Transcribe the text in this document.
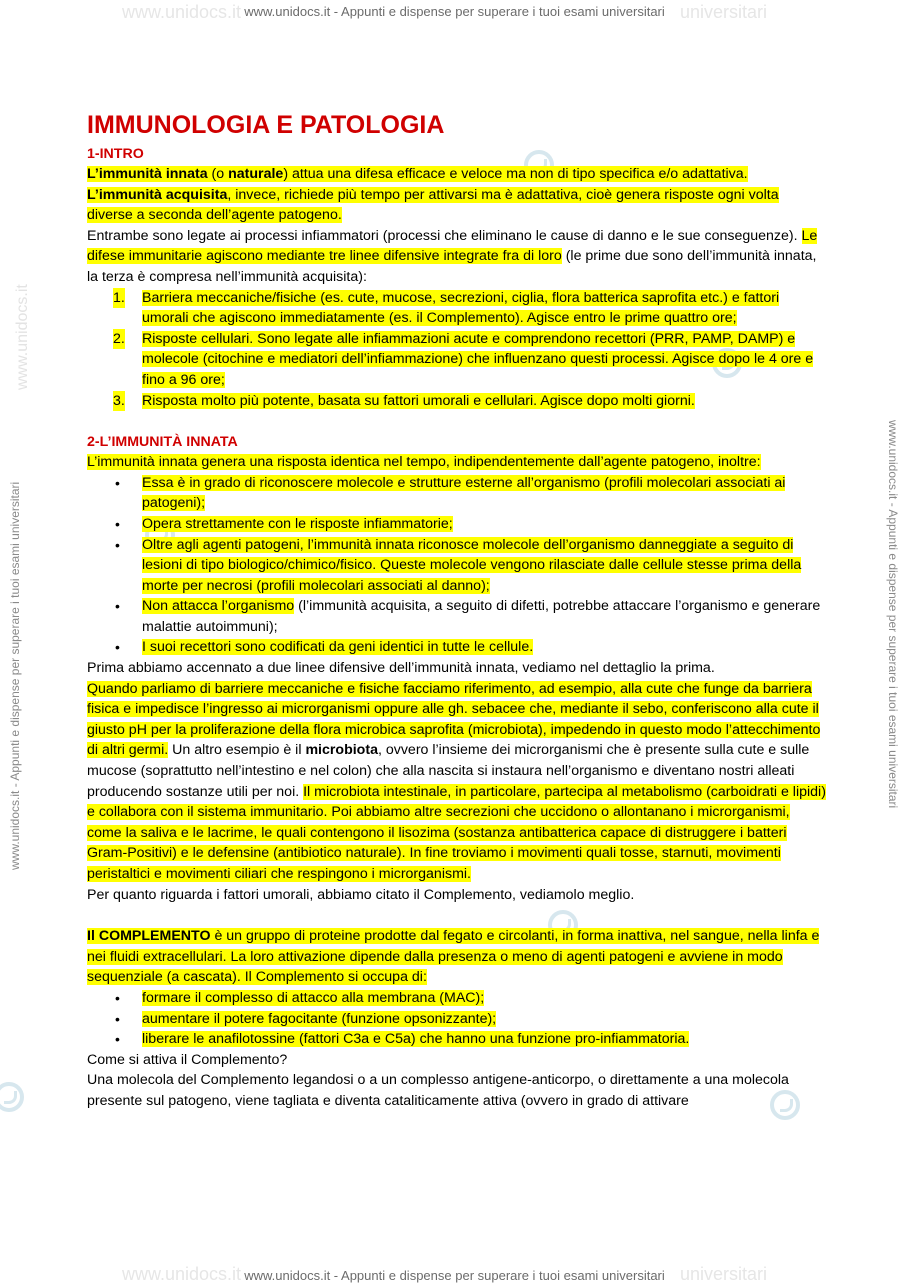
www.unidocs.it	universitari
www.unidocs.it - Appunti e dispense per superare i tuoi esami universitari
www.unidocs.it	universitari
www.unidocs.it - Appunti e dispense per superare i tuoi esami universitari
www.unidocs.it - Appunti e dispense per superare i tuoi esami universitari	www.unidocs.it - Appunti e dispense per superare i tuoi esami universitari
www.unidocs.it
IMMUNOLOGIA E PATOLOGIA
1-INTRO

L’immunità innata (o naturale) attua una difesa efficace e veloce ma non di tipo specifica e/o adattativa.

L’immunità acquisita, invece, richiede più tempo per attivarsi ma è adattativa, cioè genera risposte ogni volta diverse a seconda dell’agente patogeno.

Entrambe sono legate ai processi infiammatori (processi che eliminano le cause di danno e le sue conseguenze). Le difese immunitarie agiscono mediante tre linee difensive integrate fra di loro (le prime due sono dell’immunità innata, la terza è compresa nell’immunità acquisita):

1. Barriera meccaniche/fisiche (es. cute, mucose, secrezioni, ciglia, flora batterica saprofita etc.) e fattori umorali che agiscono immediatamente (es. il Complemento). Agisce entro le prime quattro ore;
2. Risposte cellulari. Sono legate alle infiammazioni acute e comprendono recettori (PRR, PAMP, DAMP) e molecole (citochine e mediatori dell’infiammazione) che influenzano questi processi. Agisce dopo le 4 ore e fino a 96 ore;
3. Risposta molto più potente, basata su fattori umorali e cellulari. Agisce dopo molti giorni.
2-L’IMMUNITÀ INNATA

L’immunità innata genera una risposta identica nel tempo, indipendentemente dall’agente patogeno, inoltre:

• Essa è in grado di riconoscere molecole e strutture esterne all’organismo (profili molecolari associati ai patogeni);
• Opera strettamente con le risposte infiammatorie;
• Oltre agli agenti patogeni, l’immunità innata riconosce molecole dell’organismo danneggiate a seguito di lesioni di tipo biologico/chimico/fisico. Queste molecole vengono rilasciate dalle cellule stesse prima della morte per necrosi (profili molecolari associati al danno);
• Non attacca l’organismo (l’immunità acquisita, a seguito di difetti, potrebbe attaccare l’organismo e generare malattie autoimmuni);
• I suoi recettori sono codificati da geni identici in tutte le cellule.

Prima abbiamo accennato a due linee difensive dell’immunità innata, vediamo nel dettaglio la prima.

Quando parliamo di barriere meccaniche e fisiche facciamo riferimento, ad esempio, alla cute che funge da barriera fisica e impedisce l’ingresso ai microrganismi oppure alle gh. sebacee che, mediante il sebo, conferiscono alla cute il giusto pH per la proliferazione della flora microbica saprofita (microbiota), impedendo in questo modo l’attecchimento di altri germi. Un altro esempio è il microbiota, ovvero l’insieme dei microrganismi che è presente sulla cute e sulle mucose (soprattutto nell’intestino e nel colon) che alla nascita si instaura nell’organismo e diventano nostri alleati producendo sostanze utili per noi. Il microbiota intestinale, in particolare, partecipa al metabolismo (carboidrati e lipidi) e collabora con il sistema immunitario. Poi abbiamo altre secrezioni che uccidono o allontanano i microrganismi, come la saliva e le lacrime, le quali contengono il lisozima (sostanza antibatterica capace di distruggere i batteri Gram-Positivi) e le defensine (antibiotico naturale). In fine troviamo i movimenti quali tosse, starnuti, movimenti peristaltici e movimenti ciliari che respingono i microrganismi.

Per quanto riguarda i fattori umorali, abbiamo citato il Complemento, vediamolo meglio.

Il COMPLEMENTO è un gruppo di proteine prodotte dal fegato e circolanti, in forma inattiva, nel sangue, nella linfa e nei fluidi extracellulari. La loro attivazione dipende dalla presenza o meno di agenti patogeni e avviene in modo sequenziale (a cascata). Il Complemento si occupa di:

• formare il complesso di attacco alla membrana (MAC);
• aumentare il potere fagocitante (funzione opsonizzante);
• liberare le anafilotossine (fattori C3a e C5a) che hanno una funzione pro-infiammatoria.

Come si attiva il Complemento?

Una molecola del Complemento legandosi o a un complesso antigene-anticorpo, o direttamente a una molecola presente sul patogeno, viene tagliata e diventa cataliticamente attiva (ovvero in grado di attivare
